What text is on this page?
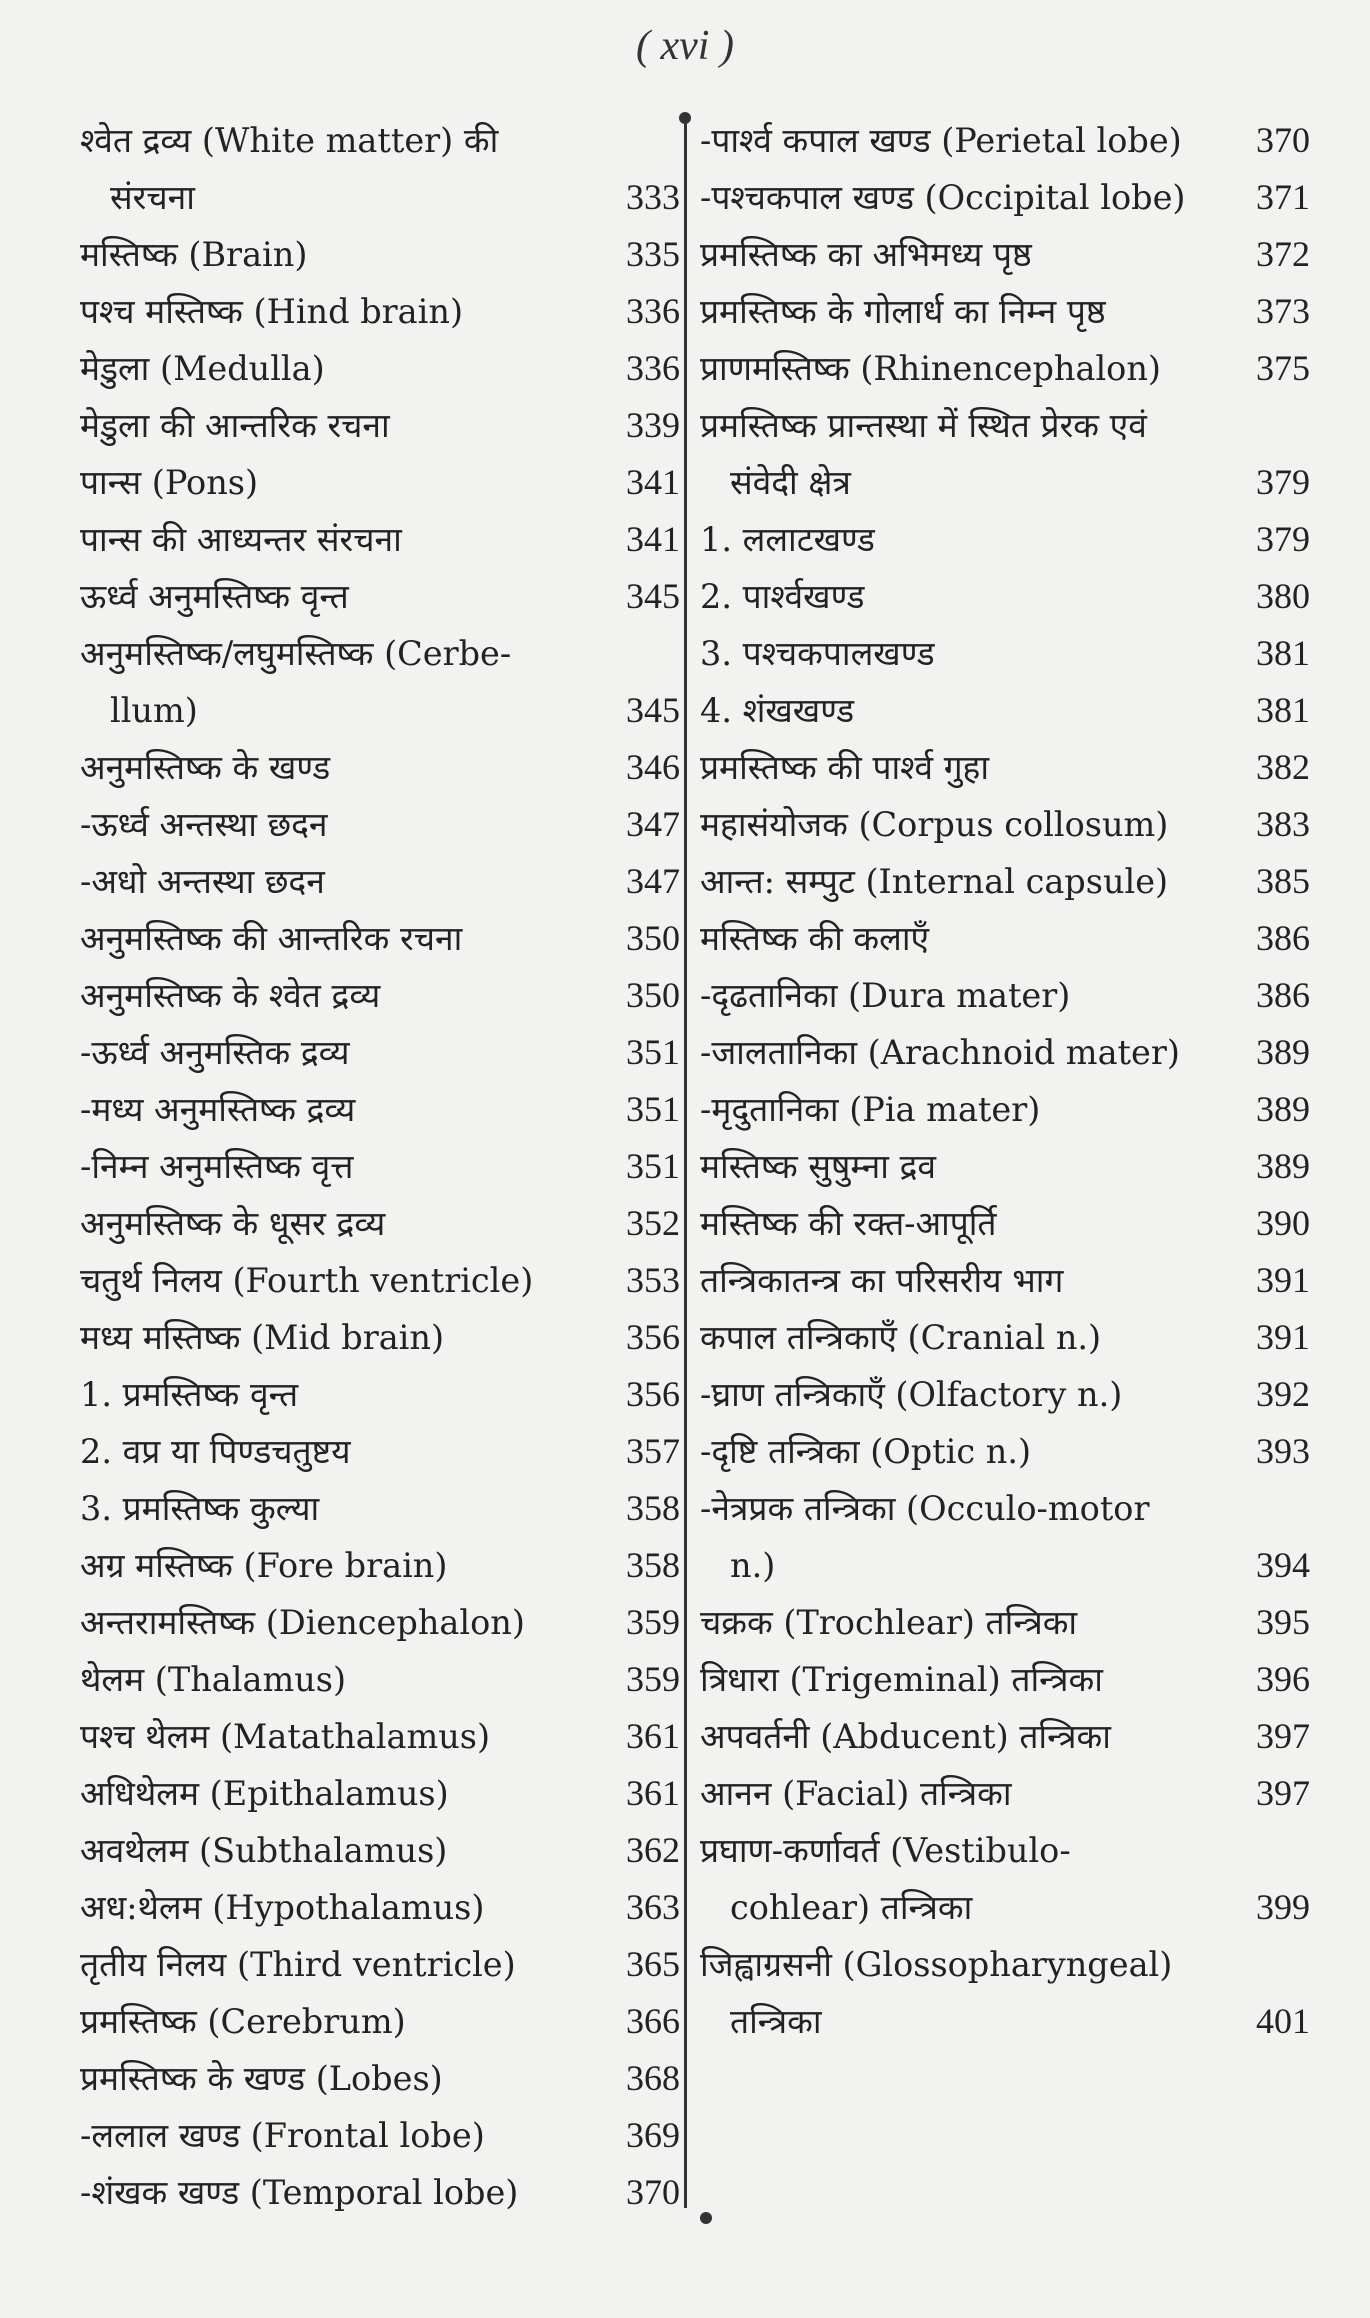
( xvi )
श्वेत द्रव्य (White matter) की संरचना	333
मस्तिष्क (Brain)	335
पश्च मस्तिष्क (Hind brain)	336
मेडुला (Medulla)	336
मेडुला की आन्तरिक रचना	339
पान्स (Pons)	341
पान्स की आध्यन्तर संरचना	341
ऊर्ध्व अनुमस्तिष्क वृन्त	345
अनुमस्तिष्क/लघुमस्तिष्क (Cerbe-llum)	345
अनुमस्तिष्क के खण्ड	346
-ऊर्ध्व अन्तस्था छदन	347
-अधो अन्तस्था छदन	347
अनुमस्तिष्क की आन्तरिक रचना	350
अनुमस्तिष्क के श्वेत द्रव्य	350
-ऊर्ध्व अनुमस्तिक द्रव्य	351
-मध्य अनुमस्तिष्क द्रव्य	351
-निम्न अनुमस्तिष्क वृत्त	351
अनुमस्तिष्क के धूसर द्रव्य	352
चतुर्थ निलय (Fourth ventricle)	353
मध्य मस्तिष्क (Mid brain)	356
1. प्रमस्तिष्क वृन्त	356
2. वप्र या पिण्डचतुष्टय	357
3. प्रमस्तिष्क कुल्या	358
अग्र मस्तिष्क (Fore brain)	358
अन्तरामस्तिष्क (Diencephalon)	359
थेलम (Thalamus)	359
पश्च थेलम (Matathalamus)	361
अधिथेलम (Epithalamus)	361
अवथेलम (Subthalamus)	362
अध:थेलम (Hypothalamus)	363
तृतीय निलय (Third ventricle)	365
प्रमस्तिष्क (Cerebrum)	366
प्रमस्तिष्क के खण्ड (Lobes)	368
-ललाल खण्ड (Frontal lobe)	369
-शंखक खण्ड (Temporal lobe)	370
-पार्श्व कपाल खण्ड (Perietal lobe)	370
-पश्चकपाल खण्ड (Occipital lobe)	371
प्रमस्तिष्क का अभिमध्य पृष्ठ	372
प्रमस्तिष्क के गोलार्ध का निम्न पृष्ठ	373
प्राणमस्तिष्क (Rhinencephalon)	375
प्रमस्तिष्क प्रान्तस्था में स्थित प्रेरक एवं संवेदी क्षेत्र	379
1. ललाटखण्ड	379
2. पार्श्वखण्ड	380
3. पश्चकपालखण्ड	381
4. शंखखण्ड	381
प्रमस्तिष्क की पार्श्व गुहा	382
महासंयोजक (Corpus collosum)	383
आन्त: सम्पुट (Internal capsule)	385
मस्तिष्क की कलाएँ	386
-दृढतानिका (Dura mater)	386
-जालतानिका (Arachnoid mater)	389
-मृदुतानिका (Pia mater)	389
मस्तिष्क सुषुम्ना द्रव	389
मस्तिष्क की रक्त-आपूर्ति	390
तन्त्रिकातन्त्र का परिसरीय भाग	391
कपाल तन्त्रिकाएँ (Cranial n.)	391
-घ्राण तन्त्रिकाएँ (Olfactory n.)	392
-दृष्टि तन्त्रिका (Optic n.)	393
-नेत्रप्रक तन्त्रिका (Occulo-motor n.)	394
चक्रक (Trochlear) तन्त्रिका	395
त्रिधारा (Trigeminal) तन्त्रिका	396
अपवर्तनी (Abducent) तन्त्रिका	397
आनन (Facial) तन्त्रिका	397
प्रघाण-कर्णावर्त (Vestibulo-cohlear) तन्त्रिका	399
जिह्वाग्रसनी (Glossopharyngeal) तन्त्रिका	401
